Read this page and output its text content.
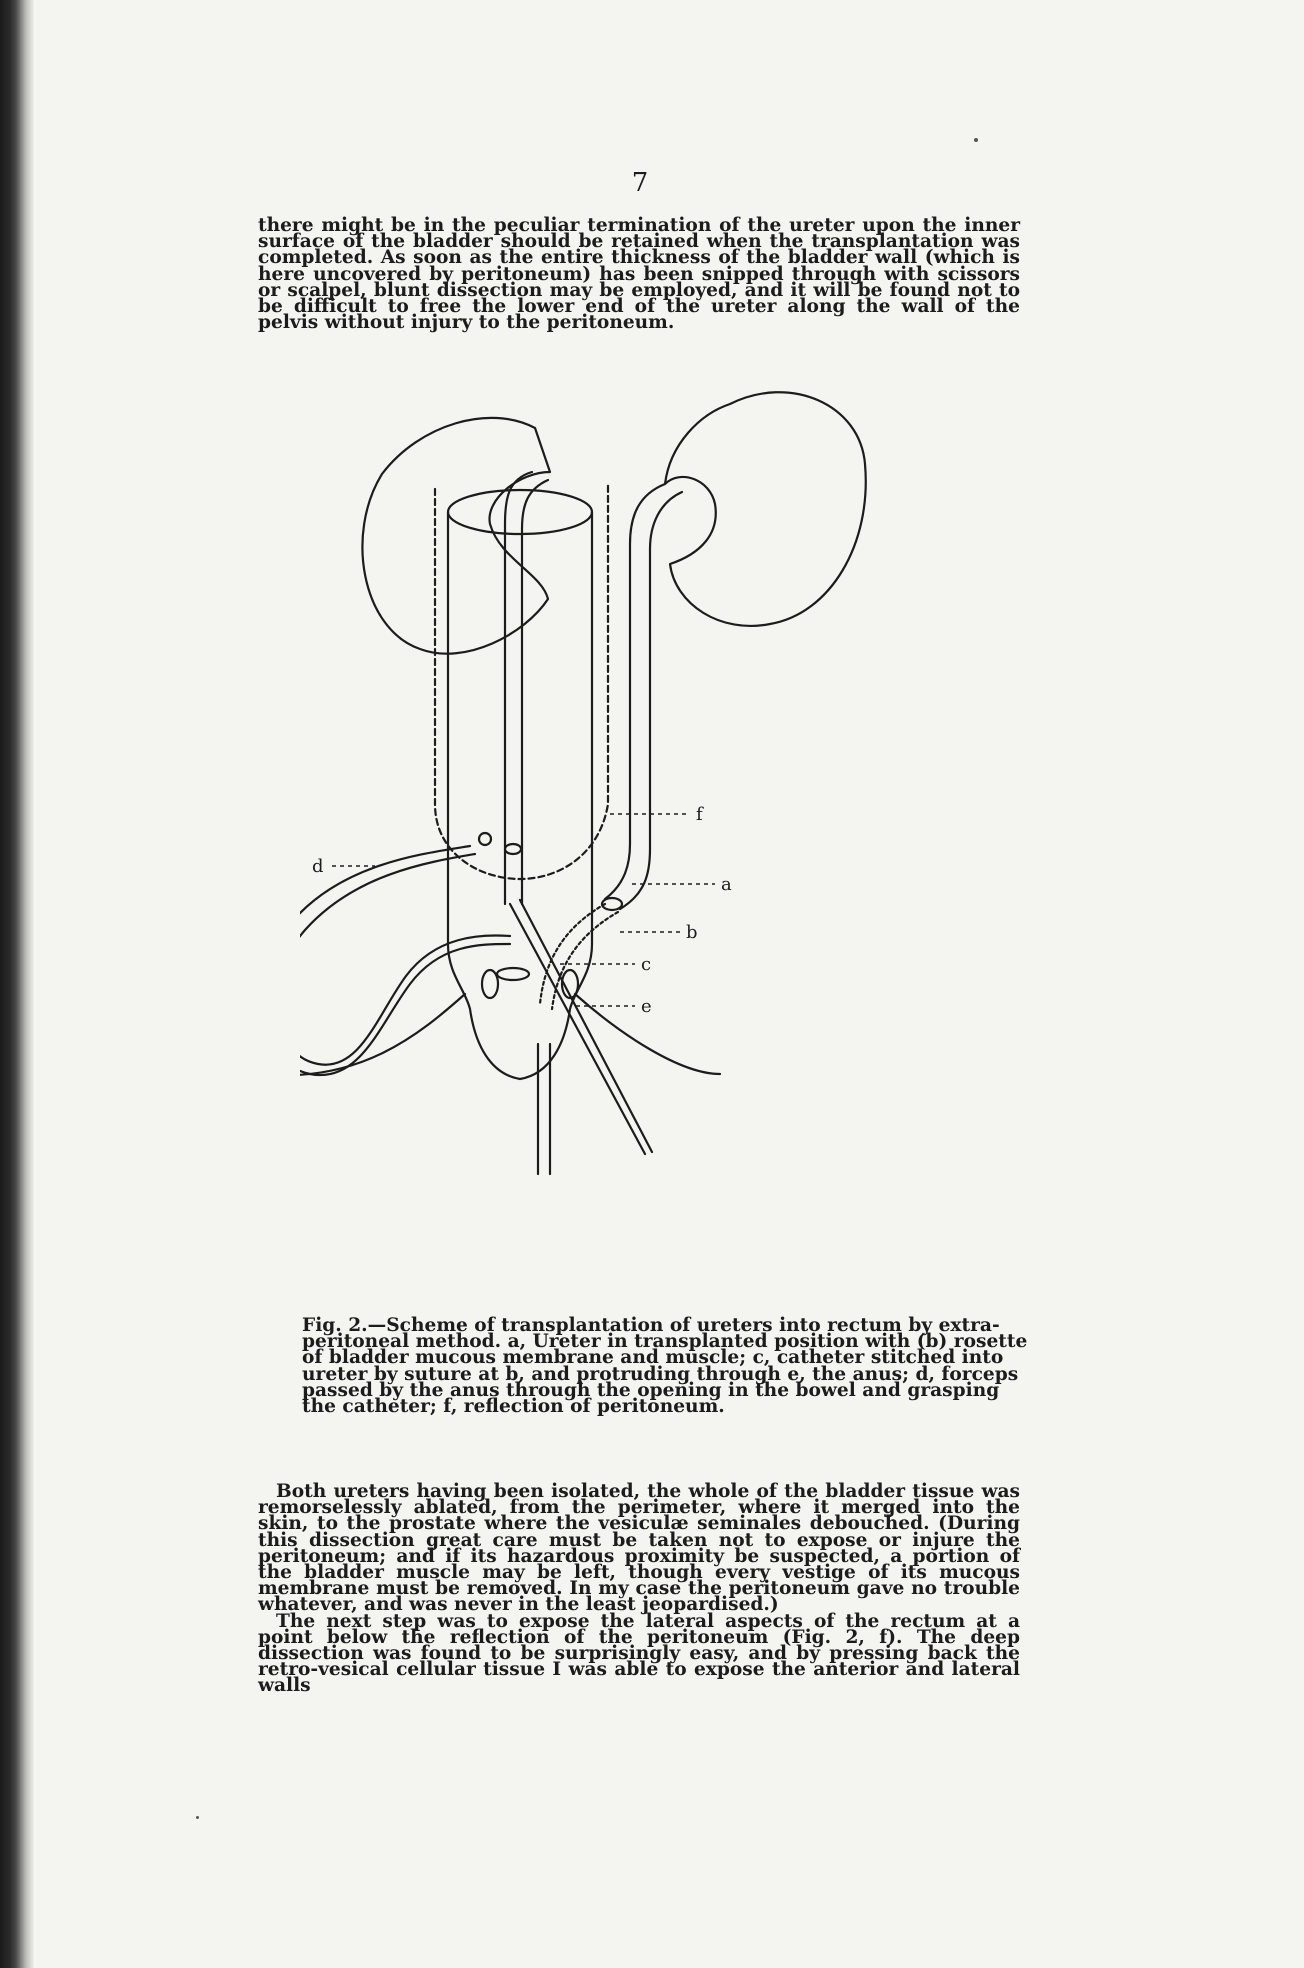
7

there might be in the peculiar termination of the ureter upon the inner surface of the bladder should be retained when the transplantation was completed. As soon as the entire thickness of the bladder wall (which is here uncovered by peritoneum) has been snipped through with scissors or scalpel, blunt dissection may be employed, and it will be found not to be difficult to free the lower end of the ureter along the wall of the pelvis without injury to the peritoneum.

f
a
b
c
e
d
Fig. 2.—Scheme of transplantation of ureters into rectum by extra-peritoneal method. a, Ureter in transplanted position with (b) rosette of bladder mucous membrane and muscle; c, catheter stitched into ureter by suture at b, and protruding through e, the anus; d, forceps passed by the anus through the opening in the bowel and grasping the catheter; f, reflection of peritoneum.

Both ureters having been isolated, the whole of the bladder tissue was remorselessly ablated, from the perimeter, where it merged into the skin, to the prostate where the vesiculæ seminales debouched. (During this dissection great care must be taken not to expose or injure the peritoneum; and if its hazardous proximity be suspected, a portion of the bladder muscle may be left, though every vestige of its mucous membrane must be removed. In my case the peritoneum gave no trouble whatever, and was never in the least jeopardised.)

The next step was to expose the lateral aspects of the rectum at a point below the reflection of the peritoneum (Fig. 2, f). The deep dissection was found to be surprisingly easy, and by pressing back the retro-vesical cellular tissue I was able to expose the anterior and lateral walls
